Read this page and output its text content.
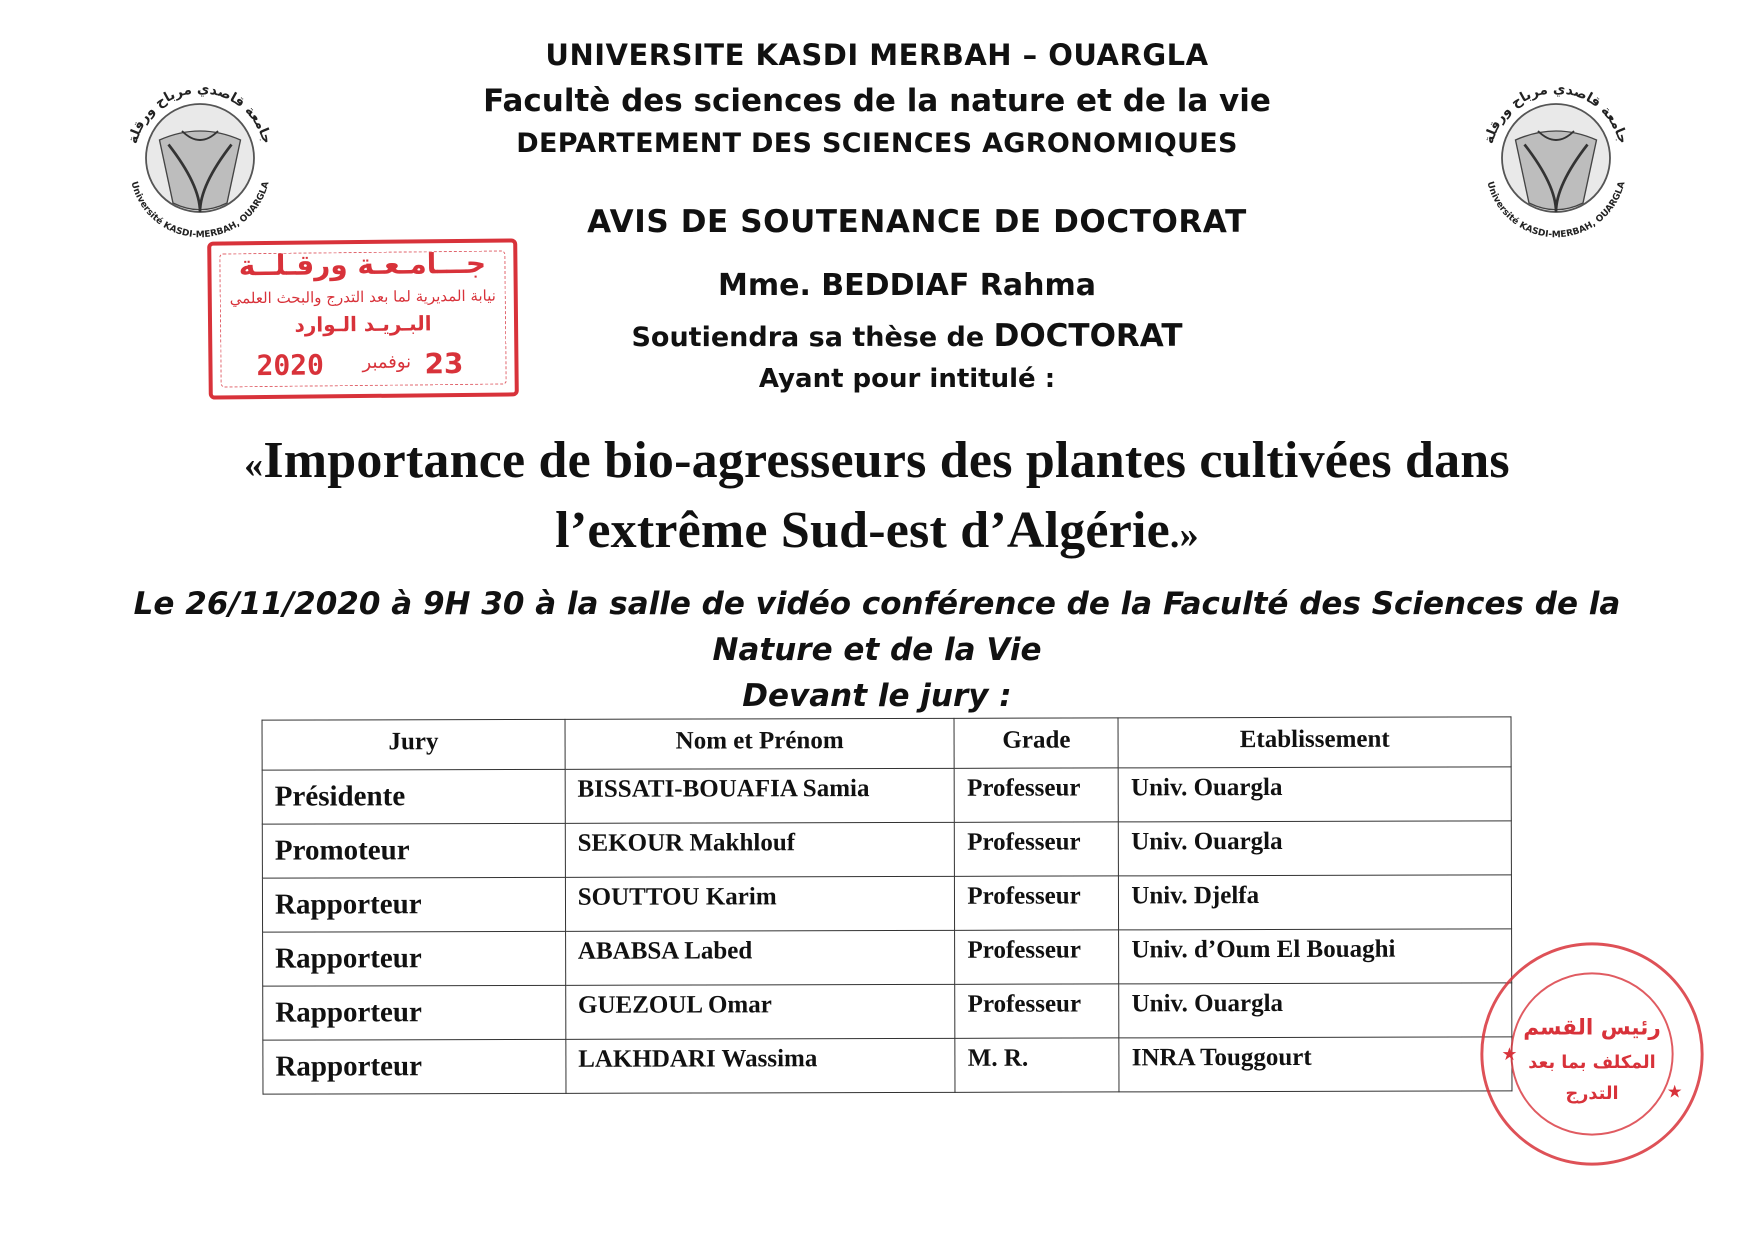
جامعة قاصدي مرباح ورقلة
Université KASDI-MERBAH, OUARGLA
جامعة قاصدي مرباح ورقلة
Université KASDI-MERBAH, OUARGLA
UNIVERSITE KASDI MERBAH – OUARGLA
Facultè des sciences de la nature et de la vie
DEPARTEMENT DES SCIENCES AGRONOMIQUES
جـــامـعـة ورقـلــة
نيابة المديرية لما بعد التدرج والبحث العلمي
البـريـد الـوارد
2020 نوفمبر 23
AVIS DE SOUTENANCE DE DOCTORAT
Mme. BEDDIAF Rahma
Soutiendra sa thèse de DOCTORAT
Ayant pour intitulé :
«Importance de bio-agresseurs des plantes cultivées dans
l’extrême Sud-est d’Algérie.»
Le 26/11/2020 à 9H 30 à la salle de vidéo conférence de la Faculté des Sciences de la
Nature et de la Vie
Devant le jury :
Jury	Nom et Prénom	Grade	Etablissement
Présidente	BISSATI-BOUAFIA Samia	Professeur	Univ. Ouargla
Promoteur	SEKOUR Makhlouf	Professeur	Univ. Ouargla
Rapporteur	SOUTTOU Karim	Professeur	Univ. Djelfa
Rapporteur	ABABSA Labed	Professeur	Univ. d’Oum El Bouaghi
Rapporteur	GUEZOUL Omar	Professeur	Univ. Ouargla
Rapporteur	LAKHDARI Wassima	M. R.	INRA Touggourt	★
★
رئيس القسم
المكلف بما بعد
التدرج
